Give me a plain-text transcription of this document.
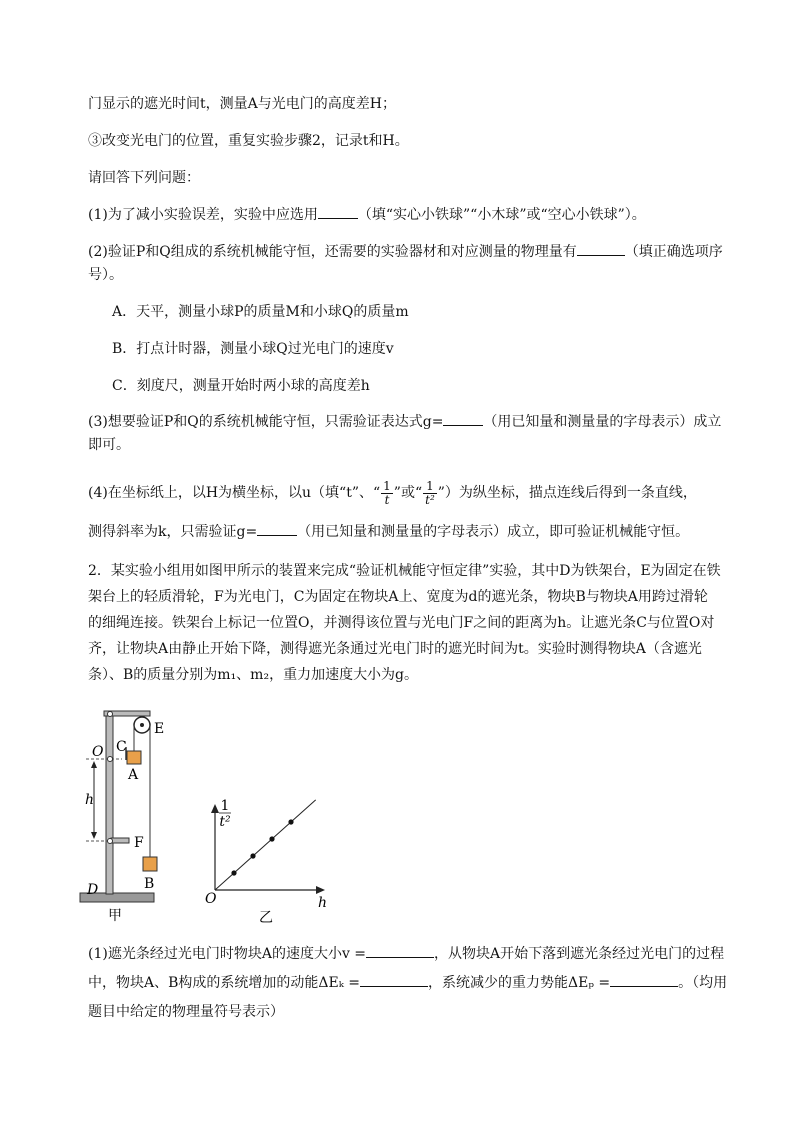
门显示的遮光时间t，测量A与光电门的高度差H；
③改变光电门的位置，重复实验步骤2，记录t和H。
请回答下列问题：
(1)为了减小实验误差，实验中应选用	（填“实心小铁球”“小木球”或“空心小铁球”）。
(2)验证P和Q组成的系统机械能守恒，还需要的实验器材和对应测量的物理量有	（填正确选项序
号）。
A．天平，测量小球P的质量M和小球Q的质量m
B．打点计时器，测量小球Q过光电门的速度v
C．刻度尺，测量开始时两小球的高度差h
(3)想要验证P和Q的系统机械能守恒，只需验证表达式g=	（用已知量和测量量的字母表示）成立
即可。
(4)在坐标纸上，以H为横坐标，以u（填“t”、“ $\frac{1}{t}$ ”或“ $\frac{1}{\text{t²}}$ ”）为纵坐标，描点连线后得到一条直线，
测得斜率为k，只需验证g=	（用已知量和测量量的字母表示）成立，即可验证机械能守恒。
2．某实验小组用如图甲所示的装置来完成“验证机械能守恒定律”实验，其中D为铁架台，E为固定在铁
架台上的轻质滑轮，F为光电门，C为固定在物块A上、宽度为d的遮光条，物块B与物块A用跨过滑轮
的细绳连接。铁架台上标记一位置O，并测得该位置与光电门F之间的距离为h。让遮光条C与位置O对
齐，让物块A由静止开始下降，测得遮光条通过光电门时的遮光时间为t。实验时测得物块A（含遮光
条）、B的质量分别为m₁、m₂，重力加速度大小为g。
O C
A
E
h
F
B
D
甲
1
t²
O	h
乙
(1)遮光条经过光电门时物块A的速度大小v =	，从物块A开始下落到遮光条经过光电门的过程
中，物块A、B构成的系统增加的动能ΔEₖ =	，系统减少的重力势能ΔEₚ =	。（均用
题目中给定的物理量符号表示）
